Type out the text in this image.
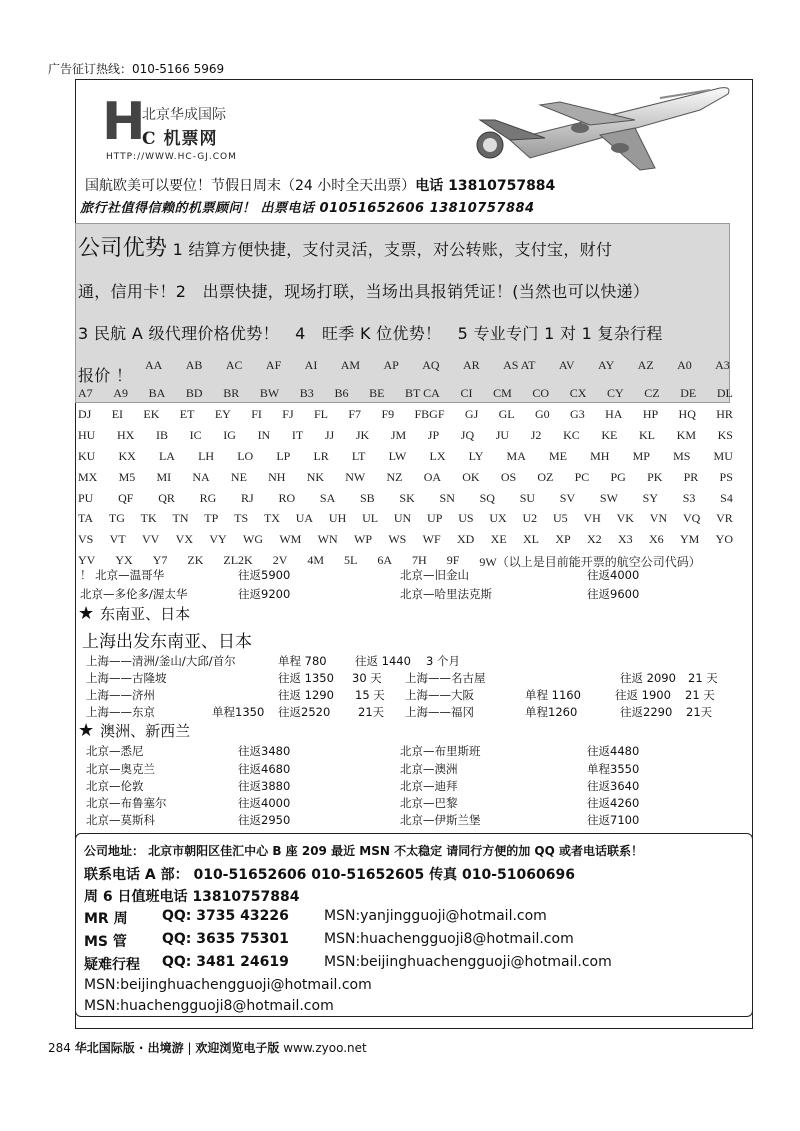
广告征订热线：010-5166 5969
H
北京华成国际
C 机票网
HTTP://WWW.HC-GJ.COM
国航欧美可以要位！节假日周末（24 小时全天出票）电话 13810757884
旅行社值得信赖的机票顾问！ 出票电话 01051652606 13810757884
公司优势 1 结算方便快捷，支付灵活，支票，对公转账，支付宝，财付
通，信用卡！2　出票快捷，现场打联，当场出具报销凭证！(当然也可以快递）
3 民航 A 级代理价格优势！　4　旺季 K 位优势！　5 专业专门 1 对 1 复杂行程
报价 ！
AA AB AC AF AI AM AP AQ AR AS AT AV AY AZ A0 A3
A7 A9 BA BD BR BW B3 B6 BE BT CA CI CM CO CX CY CZ DE DL
DJ EI EK ET EY FI FJ FL F7 F9 FBGF GJ GL G0 G3 HA HP HQ HR
HU HX IB IC IG IN IT JJ JK JM JP JQ JU J2 KC KE KL KM KS
KU KX LA LH LO LP LR LT LW LX LY MA ME MH MP MS MU
MX M5 MI NA NE NH NK NW NZ OA OK OS OZ PC PG PK PR PS
PU QF QR RG RJ RO SA SB SK SN SQ SU SV SW SY S3 S4
TA TG TK TN TP TS TX UA UH UL UN UP US UX U2 U5 VH VK VN VQ VR
VS VT VV VX VY WG WM WN WP WS WF XD XE XL XP X2 X3 X6 YM YO
YV YX Y7 ZK ZL2K 2V 4M 5L 6A 7H 9F 9W（以上是目前能开票的航空公司代码）
！ 北京—温哥华	往返5900	北京—旧金山	往返4000
北京—多伦多/渥太华	往返9200	北京—哈里法克斯	往返9600
★ 东南亚、日本
上海出发东南亚、日本
上海——清洲/釜山/大邱/首尔	单程 780 往返 1440 3 个月
上海——古隆坡	往返 1350 30 天 上海——名古屋	往返 2090 21 天
上海——济州	往返 1290 15 天 上海——大阪	单程 1160	往返 1900 21 天
上海——东京	单程1350 往返2520 21天 上海——福冈	单程1260	往返2290 21天
★ 澳洲、新西兰
北京—悉尼	往返3480	北京—布里斯班	往返4480
北京—奥克兰	往返4680	北京—澳洲	单程3550
北京—伦敦	往返3880	北京—迪拜	往返3640
北京—布鲁塞尔	往返4000	北京—巴黎	往返4260
北京—莫斯科	往返2950	北京—伊斯兰堡	往返7100
公司地址： 北京市朝阳区佳汇中心 B 座 209 最近 MSN 不太稳定 请同行方便的加 QQ 或者电话联系！
联系电话 A 部： 010-51652606 010-51652605 传真 010-51060696
周 6 日值班电话 13810757884
MR 周 QQ: 3735 43226	MSN:yanjingguoji@hotmail.com
MS 管	QQ: 3635 75301	MSN:huachengguoji8@hotmail.com
疑难行程 QQ: 3481 24619	MSN:beijinghuachengguoji@hotmail.com
MSN:beijinghuachengguoji@hotmail.com
MSN:huachengguoji8@hotmail.com
284 华北国际版 · 出境游 | 欢迎浏览电子版 www.zyoo.net
